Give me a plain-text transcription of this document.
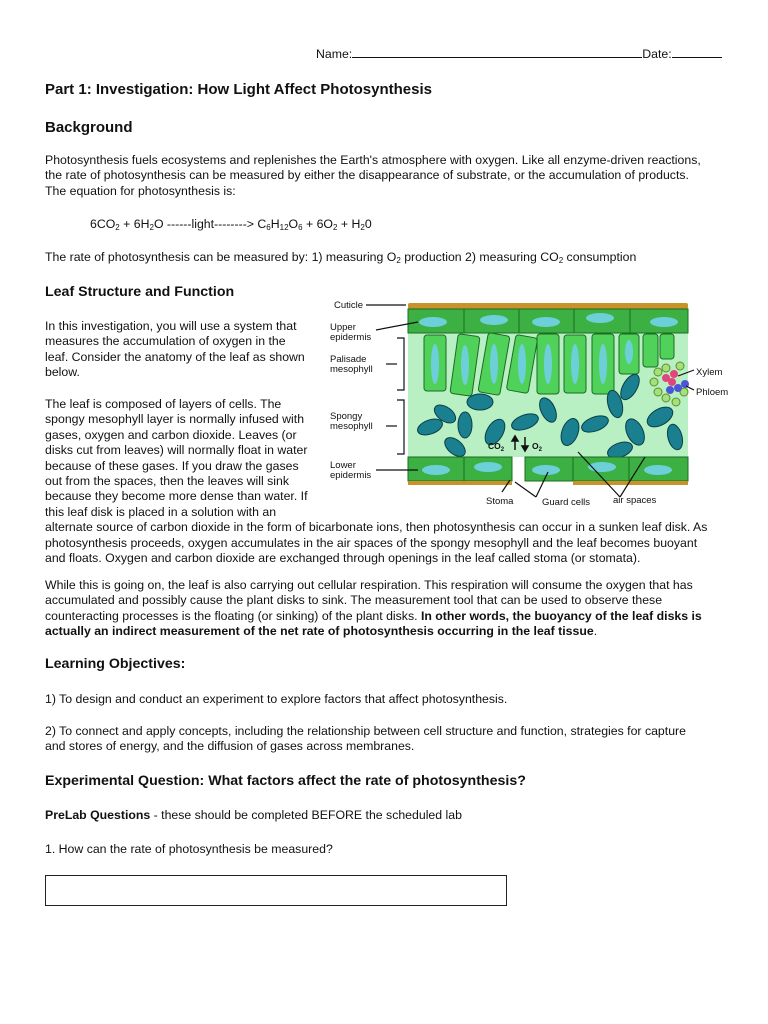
Name:	Date:
Part 1: Investigation: How Light Affect Photosynthesis
Background
Photosynthesis fuels ecosystems and replenishes the Earth's atmosphere with oxygen. Like all enzyme-driven reactions,
the rate of photosynthesis can be measured by either the disappearance of substrate, or the accumulation of products.
The equation for photosynthesis is:
$6CO_2 + 6H_2O$ ------light--------> $C_6H_{12}O_6 + 6O_2 + H_20$
The rate of photosynthesis can be measured by: 1) measuring $O_2$ production 2) measuring $CO_2$ consumption
Leaf Structure and Function
In this investigation, you will use a system that
measures the accumulation of oxygen in the
leaf. Consider the anatomy of the leaf as shown
below.
The leaf is composed of layers of cells. The
spongy mesophyll layer is normally infused with
gases, oxygen and carbon dioxide. Leaves (or
disks cut from leaves) will normally float in water
because of these gases. If you draw the gases
out from the spaces, then the leaves will sink
because they become more dense than water. If
this leaf disk is placed in a solution with an
alternate source of carbon dioxide in the form of bicarbonate ions, then photosynthesis can occur in a sunken leaf disk. As
photosynthesis proceeds, oxygen accumulates in the air spaces of the spongy mesophyll and the leaf becomes buoyant
and floats. Oxygen and carbon dioxide are exchanged through openings in the leaf called stoma (or stomata).
While this is going on, the leaf is also carrying out cellular respiration. This respiration will consume the oxygen that has
accumulated and possibly cause the plant disks to sink. The measurement tool that can be used to observe these
counteracting processes is the floating (or sinking) of the plant disks. In other words, the buoyancy of the leaf disks is
actually an indirect measurement of the net rate of photosynthesis occurring in the leaf tissue.
Cuticle
Upper
epidermis
Palisade
mesophyll
Spongy
mesophyll
Lower
epidermis
Xylem
Phloem
Stoma	Guard cells air spaces
$CO_2$	$O_2$
Learning Objectives:
1) To design and conduct an experiment to explore factors that affect photosynthesis.
2) To connect and apply concepts, including the relationship between cell structure and function, strategies for capture
and stores of energy, and the diffusion of gases across membranes.
Experimental Question: What factors affect the rate of photosynthesis?
PreLab Questions - these should be completed BEFORE the scheduled lab
1. How can the rate of photosynthesis be measured?
